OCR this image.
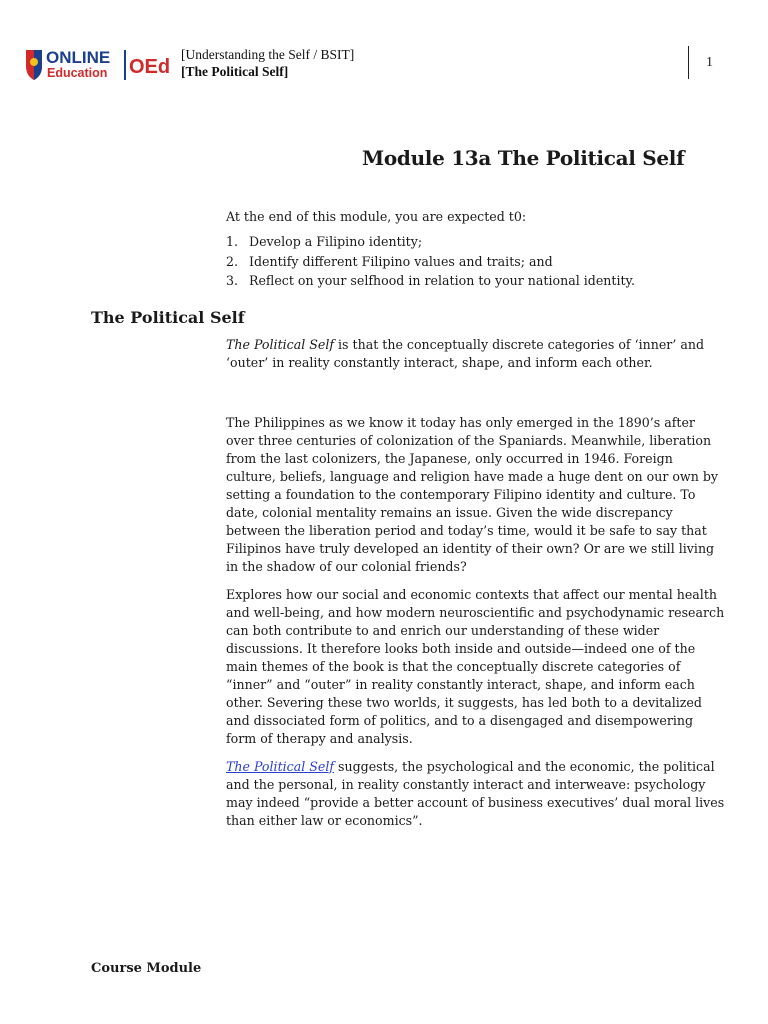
ONLINE
Education OEd
[Understanding the Self / BSIT]
[The Political Self]
1
Module 13a The Political Self
At the end of this module, you are expected t0:
1. Develop a Filipino identity;
2. Identify different Filipino values and traits; and
3. Reflect on your selfhood in relation to your national identity.
The Political Self
The Political Self is that the conceptually discrete categories of ‘inner’ and ‘outer’ in reality constantly interact, shape, and inform each other.
The Philippines as we know it today has only emerged in the 1890’s after over three centuries of colonization of the Spaniards. Meanwhile, liberation from the last colonizers, the Japanese, only occurred in 1946. Foreign culture, beliefs, language and religion have made a huge dent on our own by setting a foundation to the contemporary Filipino identity and culture. To date, colonial mentality remains an issue. Given the wide discrepancy between the liberation period and today’s time, would it be safe to say that Filipinos have truly developed an identity of their own? Or are we still living in the shadow of our colonial friends?
Explores how our social and economic contexts that affect our mental health and well-being, and how modern neuroscientific and psychodynamic research can both contribute to and enrich our understanding of these wider discussions. It therefore looks both inside and outside—indeed one of the main themes of the book is that the conceptually discrete categories of “inner” and “outer” in reality constantly interact, shape, and inform each other. Severing these two worlds, it suggests, has led both to a devitalized and dissociated form of politics, and to a disengaged and disempowering form of therapy and analysis.
The Political Self suggests, the psychological and the economic, the political and the personal, in reality constantly interact and interweave: psychology may indeed “provide a better account of business executives’ dual moral lives than either law or economics”.
Course Module
